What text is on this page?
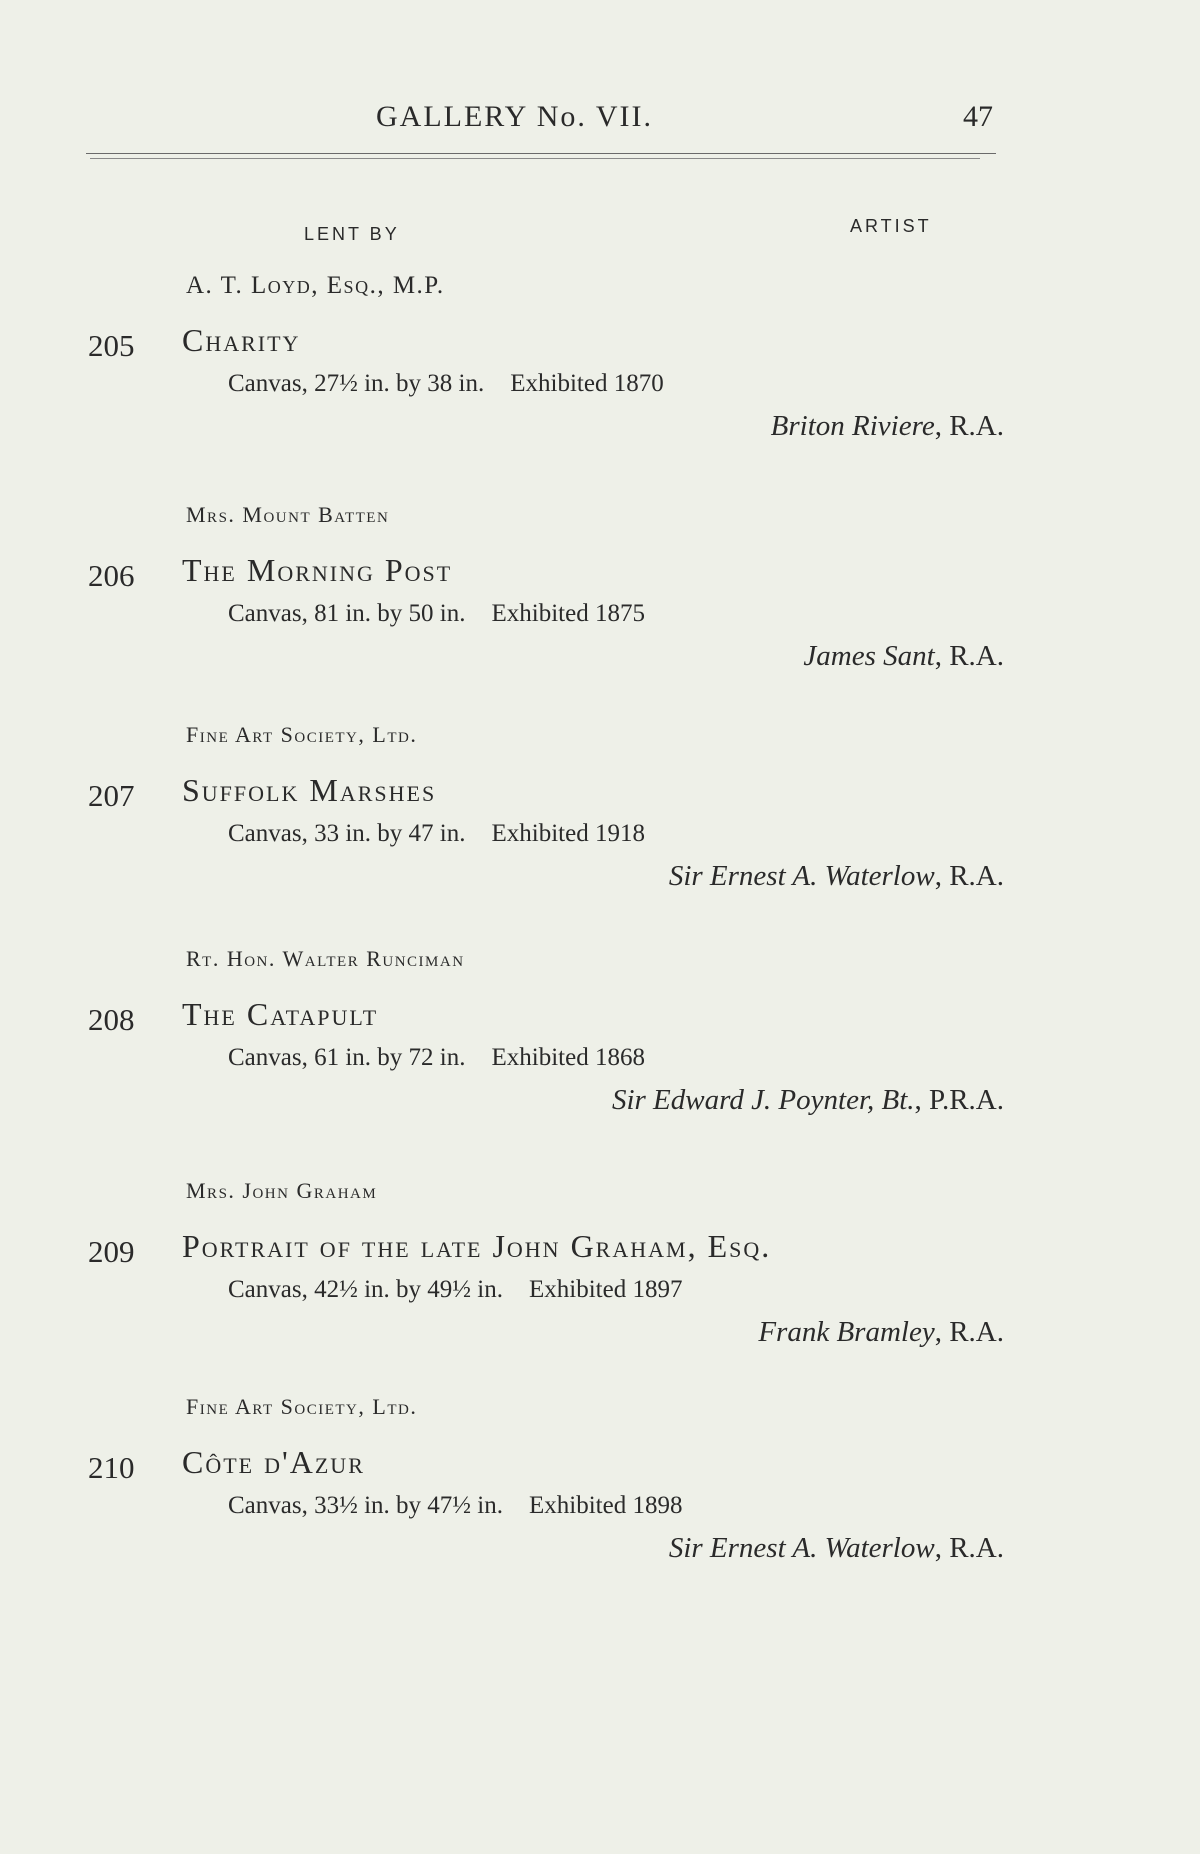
GALLERY No. VII.	47
LENT BY	ARTIST
A. T. Loyd, Esq., M.P.
205 Charity
Canvas, 27½ in. by 38 in. Exhibited 1870
Briton Riviere, R.A.
Mrs. Mount Batten
206 The Morning Post
Canvas, 81 in. by 50 in. Exhibited 1875
James Sant, R.A.
Fine Art Society, Ltd.
207 Suffolk Marshes
Canvas, 33 in. by 47 in. Exhibited 1918
Sir Ernest A. Waterlow, R.A.
Rt. Hon. Walter Runciman
208 The Catapult
Canvas, 61 in. by 72 in. Exhibited 1868
Sir Edward J. Poynter, Bt., P.R.A.
Mrs. John Graham
209 Portrait of the late John Graham, Esq.
Canvas, 42½ in. by 49½ in. Exhibited 1897
Frank Bramley, R.A.
Fine Art Society, Ltd.
210 Côte d'Azur
Canvas, 33½ in. by 47½ in. Exhibited 1898
Sir Ernest A. Waterlow, R.A.
